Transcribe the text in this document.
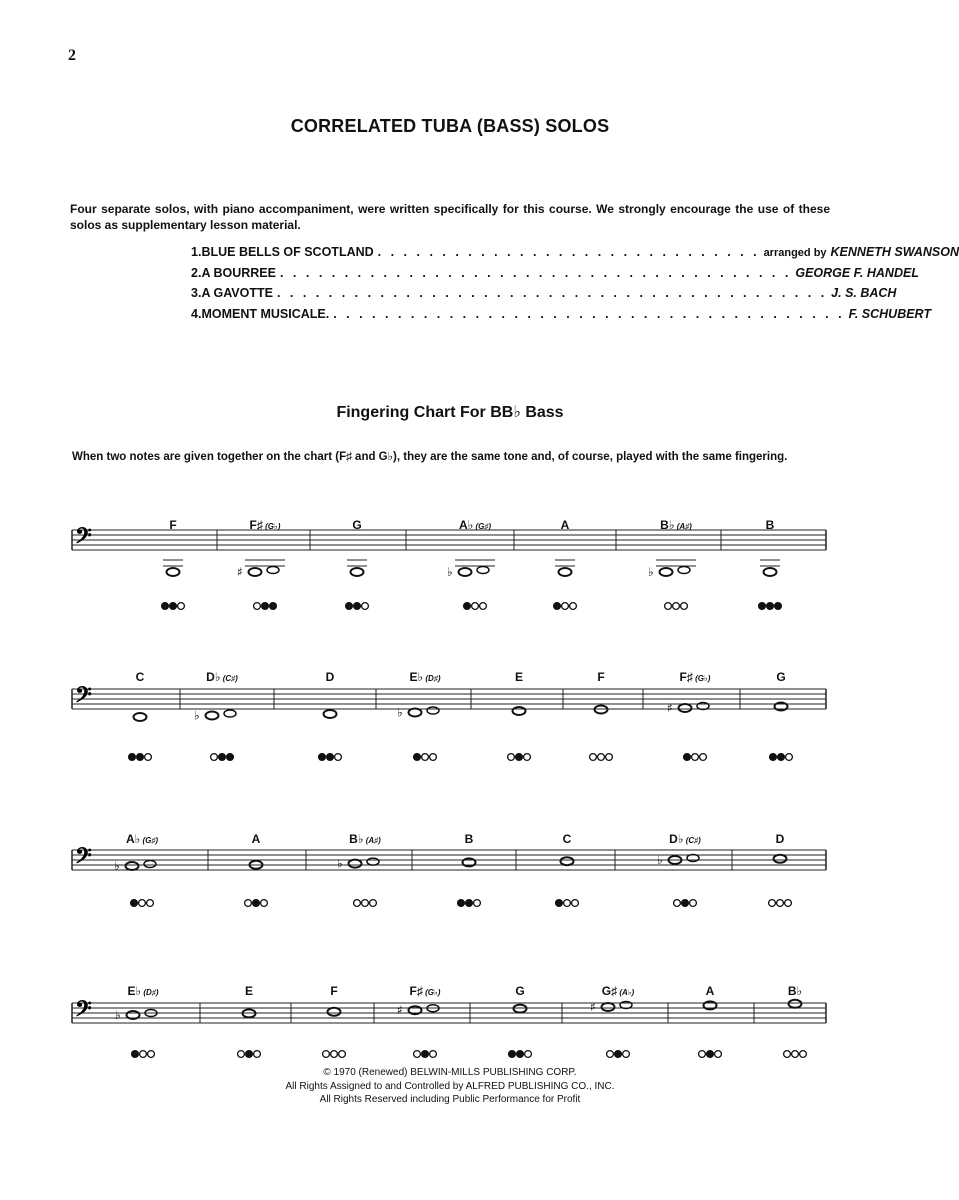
2
CORRELATED TUBA (BASS) SOLOS
Four separate solos, with piano accompaniment, were written specifically for this course. We strongly encourage the use of these solos as supplementary lesson material.
1. BLUE BELLS OF SCOTLAND . . . . . . . . . . . . . . . . . . . . . . . . . . . . . . arranged by KENNETH SWANSON
2. A BOURREE . . . . . . . . . . . . . . . . . . . . . . . . . . . . . . . . . . . . . . . . GEORGE F. HANDEL
3. A GAVOTTE . . . . . . . . . . . . . . . . . . . . . . . . . . . . . . . . . . . . . . . . . . . J. S. BACH
4. MOMENT MUSICALE. . . . . . . . . . . . . . . . . . . . . . . . . . . . . . . . . . . . . . . . . F. SCHUBERT
Fingering Chart For BB♭ Bass
When two notes are given together on the chart (F♯ and G♭), they are the same tone and, of course, played with the same fingering.
𝄢
♯	♭	♭
𝄢
♭	♭	♯
𝄢 ♭	♭	♭
𝄢 ♭	♯	♯
F	F♯ (G♭)	G	A♭ (G♯)	A	B♭ (A♯)	B
C	D♭ (C♯)	D	E♭ (D♯)	E	F	F♯ (G♭)	G
A♭ (G♯)	A	B♭ (A♯)	B	C	D♭ (C♯)	D
E♭ (D♯)	E	F	F♯ (G♭)	G	G♯ (A♭)	A	B♭
© 1970 (Renewed) BELWIN-MILLS PUBLISHING CORP.
All Rights Assigned to and Controlled by ALFRED PUBLISHING CO., INC.
All Rights Reserved including Public Performance for Profit
